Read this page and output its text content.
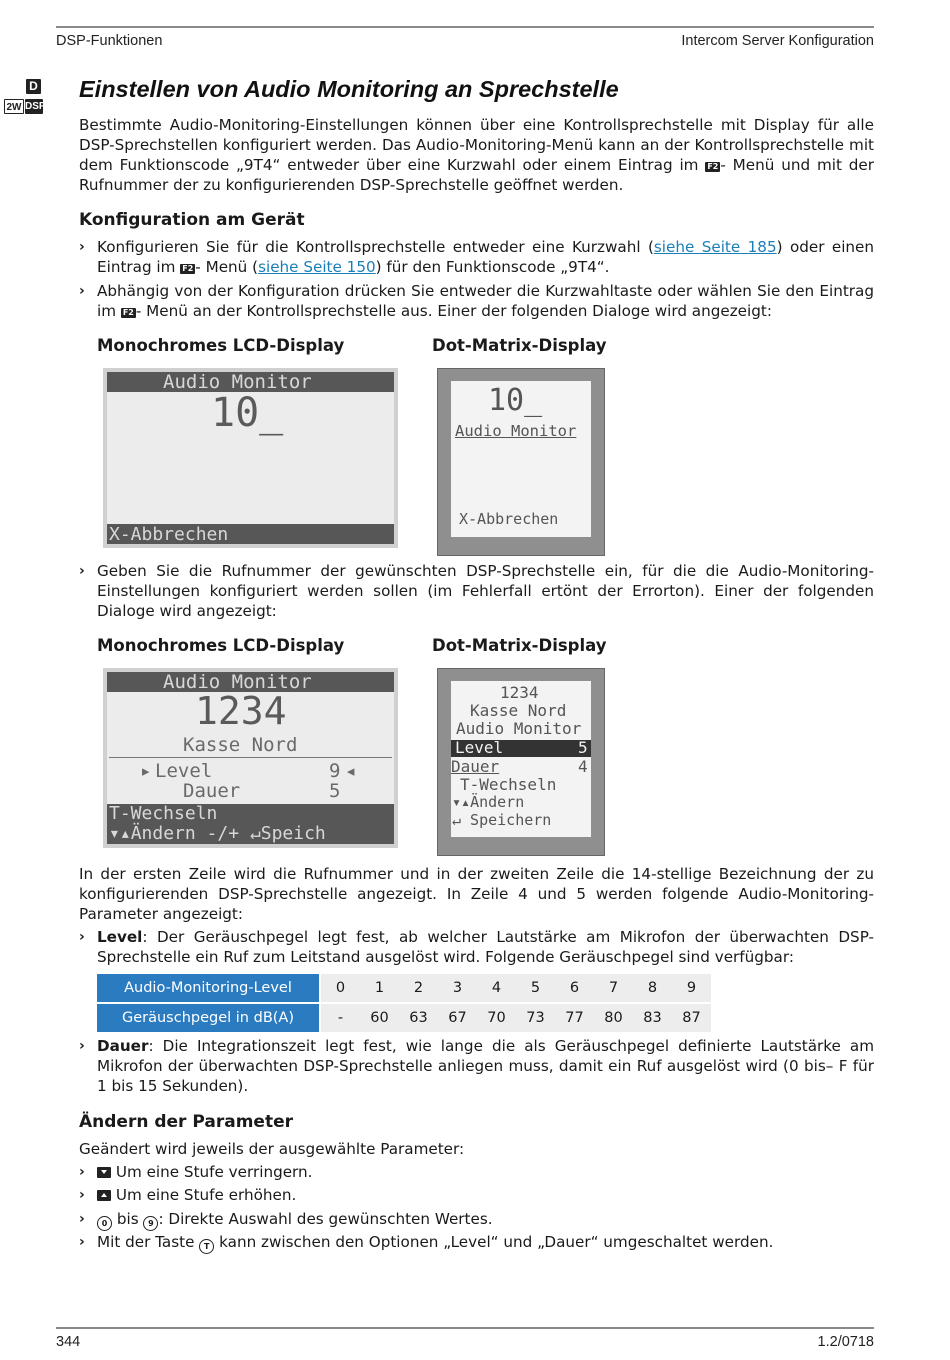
DSP-Funktionen	Intercom Server Konfiguration
D
2W DSP
Einstellen von Audio Monitoring an Sprechstelle
Bestimmte Audio-Monitoring-Einstellungen können über eine Kontrollsprechstelle mit Display für alle DSP-Sprechstellen konfiguriert werden. Das Audio-Monitoring-Menü kann an der Kontrollsprechstelle mit dem Funktionscode „9T4“ entweder über eine Kurzwahl oder einem Eintrag im F2 - Menü und mit der Rufnummer der zu konfigurierenden DSP-Sprechstelle geöffnet werden.
Konfiguration am Gerät
› Konfigurieren Sie für die Kontrollsprechstelle entweder eine Kurzwahl (siehe Seite 185) oder einen Eintrag im F2 - Menü (siehe Seite 150) für den Funktionscode „9T4“.
› Abhängig von der Konfiguration drücken Sie entweder die Kurzwahltaste oder wählen Sie den Eintrag im F2 - Menü an der Kontrollsprechstelle aus. Einer der folgenden Dialoge wird angezeigt:
Monochromes LCD-Display	Dot-Matrix-Display
Audio Monitor
10_
X-Abbrechen
10_
Audio Monitor
X-Abbrechen
› Geben Sie die Rufnummer der gewünschten DSP-Sprechstelle ein, für die die Audio-Monitoring-Einstellungen konfiguriert werden sollen (im Fehlerfall ertönt der Errorton). Einer der folgenden Dialoge wird angezeigt:
Monochromes LCD-Display	Dot-Matrix-Display
Audio Monitor
1234
Kasse Nord
▸ Level	9 ◂
Dauer	5
T-Wechseln
▾▴Ändern -/+ ↵Speich
1234
Kasse Nord
Audio Monitor
Level	5
Dauer	4
T-Wechseln
▾▴Ändern
↵ Speichern
In der ersten Zeile wird die Rufnummer und in der zweiten Zeile die 14-stellige Bezeichnung der zu konfigurierenden DSP-Sprechstelle angezeigt. In Zeile 4 und 5 werden folgende Audio-Monitoring-Parameter angezeigt:
› Level: Der Geräuschpegel legt fest, ab welcher Lautstärke am Mikrofon der überwachten DSP-Sprechstelle ein Ruf zum Leitstand ausgelöst wird. Folgende Geräuschpegel sind verfügbar:
Audio-Monitoring-Level		0	1	2	3	4	5	6	7	8	9
Geräuschpegel in dB(A)		-	60	63	67	70	73	77	80	83	87
› Dauer: Die Integrationszeit legt fest, wie lange die als Geräuschpegel definierte Lautstärke am Mikrofon der überwachten DSP-Sprechstelle anliegen muss, damit ein Ruf ausgelöst wird (0 bis– F für 1 bis 15 Sekunden).
Ändern der Parameter
Geändert wird jeweils der ausgewählte Parameter:
›	Um eine Stufe verringern.
›	Um eine Stufe erhöhen.
›	0 bis 9 : Direkte Auswahl des gewünschten Wertes.
› Mit der Taste T kann zwischen den Optionen „Level“ und „Dauer“ umgeschaltet werden.
344	1.2/0718
